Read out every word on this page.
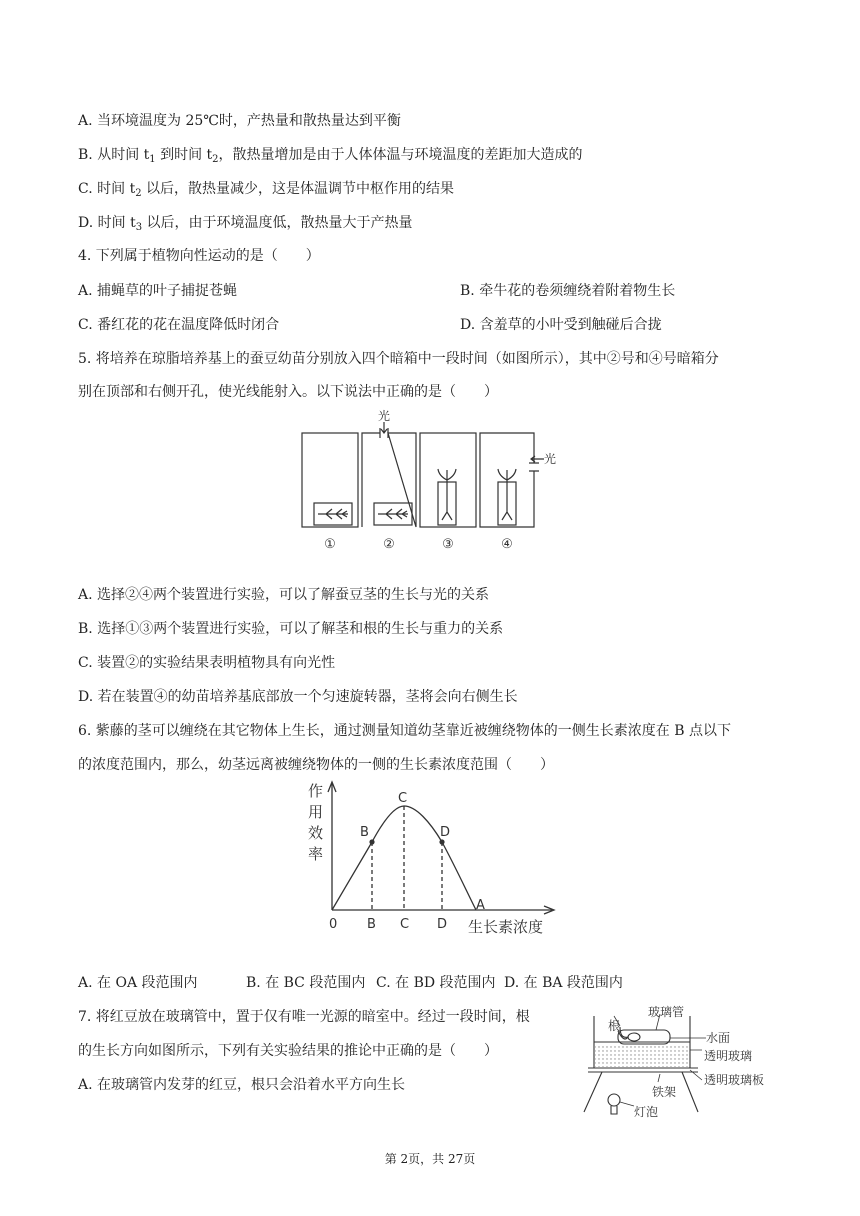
A. 当环境温度为 25℃时，产热量和散热量达到平衡
B. 从时间 $t_1$ 到时间 $t_2$，散热量增加是由于人体体温与环境温度的差距加大造成的
C. 时间 $t_2$ 以后，散热量减少，这是体温调节中枢作用的结果
D. 时间 $t_3$ 以后，由于环境温度低，散热量大于产热量
4. 下列属于植物向性运动的是（　　）
A. 捕蝇草的叶子捕捉苍蝇	B. 牵牛花的卷须缠绕着附着物生长
C. 番红花的花在温度降低时闭合	D. 含羞草的小叶受到触碰后合拢
5. 将培养在琼脂培养基上的蚕豆幼苗分别放入四个暗箱中一段时间（如图所示），其中②号和④号暗箱分
别在顶部和右侧开孔，使光线能射入。以下说法中正确的是（　　）
光
光
①	②	③	④
A. 选择②④两个装置进行实验，可以了解蚕豆茎的生长与光的关系
B. 选择①③两个装置进行实验，可以了解茎和根的生长与重力的关系
C. 装置②的实验结果表明植物具有向光性
D. 若在装置④的幼苗培养基底部放一个匀速旋转器，茎将会向右侧生长
6. 紫藤的茎可以缠绕在其它物体上生长，通过测量知道幼茎靠近被缠绕物体的一侧生长素浓度在 B 点以下
的浓度范围内，那么，幼茎远离被缠绕物体的一侧的生长素浓度范围（　　）
作
用
效
率
B
C
D
A
0 B C D 生长素浓度
A. 在 OA 段范围内	B. 在 BC 段范围内 C. 在 BD 段范围内 D. 在 BA 段范围内
7. 将红豆放在玻璃管中，置于仅有唯一光源的暗室中。经过一段时间，根
的生长方向如图所示，下列有关实验结果的推论中正确的是（　　）
A. 在玻璃管内发芽的红豆，根只会沿着水平方向生长
根
玻璃管
水面
透明玻璃
透明玻璃板
铁架
灯泡
第 2页，共 27页
